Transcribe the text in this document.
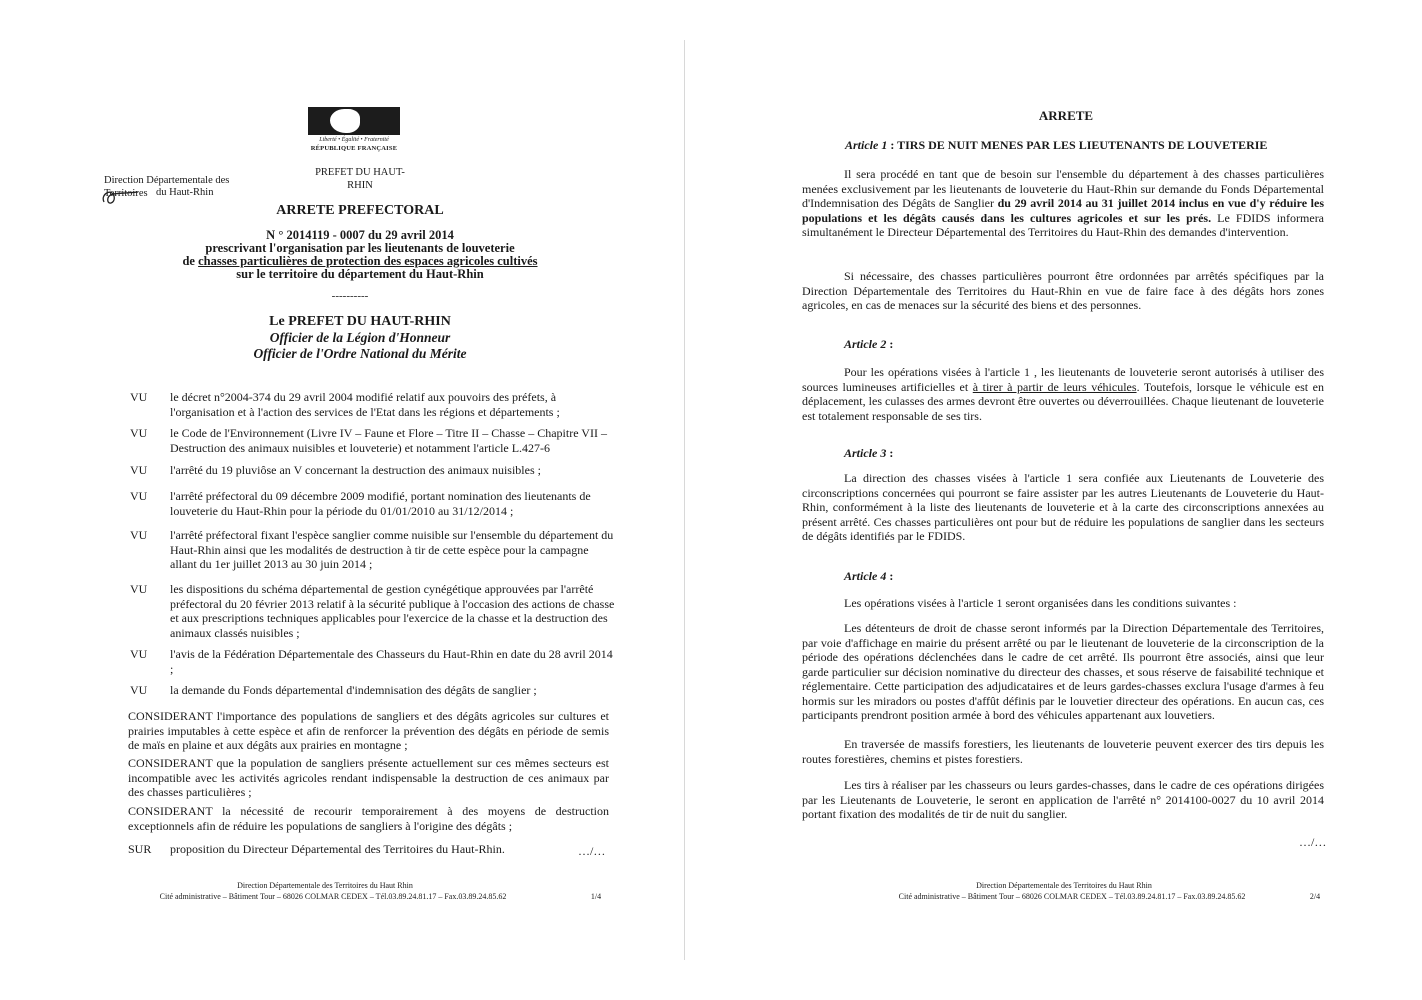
Liberté • Égalité • Fraternité
RÉPUBLIQUE FRANÇAISE
PREFET DU HAUT-RHIN
Direction Départementale des Territoires du Haut-Rhin
ARRETE PREFECTORAL
N ° 2014119 - 0007 du 29 avril 2014
prescrivant l'organisation par les lieutenants de louveterie
de chasses particulières de protection des espaces agricoles cultivés
sur le territoire du département du Haut-Rhin
----------
Le PREFET DU HAUT-RHIN
Officier de la Légion d'Honneur
Officier de l'Ordre National du Mérite
VU	le décret n°2004-374 du 29 avril 2004 modifié relatif aux pouvoirs des préfets, à l'organisation et à l'action des services de l'Etat dans les régions et départements ;
VU	le Code de l'Environnement (Livre IV – Faune et Flore – Titre II – Chasse – Chapitre VII – Destruction des animaux nuisibles et louveterie) et notamment l'article L.427-6
VU	l'arrêté du 19 pluviôse an V concernant la destruction des animaux nuisibles ;
VU	l'arrêté préfectoral du 09 décembre 2009 modifié, portant nomination des lieutenants de louveterie du Haut-Rhin pour la période du 01/01/2010 au 31/12/2014 ;
VU	l'arrêté préfectoral fixant l'espèce sanglier comme nuisible sur l'ensemble du département du Haut-Rhin ainsi que les modalités de destruction à tir de cette espèce pour la campagne allant du 1er juillet 2013 au 30 juin 2014 ;
VU	les dispositions du schéma départemental de gestion cynégétique approuvées par l'arrêté préfectoral du 20 février 2013 relatif à la sécurité publique à l'occasion des actions de chasse et aux prescriptions techniques applicables pour l'exercice de la chasse et la destruction des animaux classés nuisibles ;
VU	l'avis de la Fédération Départementale des Chasseurs du Haut-Rhin en date du 28 avril 2014 ;
VU	la demande du Fonds départemental d'indemnisation des dégâts de sanglier ;
CONSIDERANT l'importance des populations de sangliers et des dégâts agricoles sur cultures et prairies imputables à cette espèce et afin de renforcer la prévention des dégâts en période de semis de maïs en plaine et aux dégâts aux prairies en montagne ;
CONSIDERANT que la population de sangliers présente actuellement sur ces mêmes secteurs est incompatible avec les activités agricoles rendant indispensable la destruction de ces animaux par des chasses particulières ;
CONSIDERANT la nécessité de recourir temporairement à des moyens de destruction exceptionnels afin de réduire les populations de sangliers à l'origine des dégâts ;
SUR	proposition du Directeur Départemental des Territoires du Haut-Rhin.	…/…
Direction Départementale des Territoires du Haut Rhin
Cité administrative – Bâtiment Tour – 68026 COLMAR CEDEX – Tél.03.89.24.81.17 – Fax.03.89.24.85.62	1/4
ARRETE
Article 1 : TIRS DE NUIT MENES PAR LES LIEUTENANTS DE LOUVETERIE
Il sera procédé en tant que de besoin sur l'ensemble du département à des chasses particulières menées exclusivement par les lieutenants de louveterie du Haut-Rhin sur demande du Fonds Départemental d'Indemnisation des Dégâts de Sanglier du 29 avril 2014 au 31 juillet 2014 inclus en vue d'y réduire les populations et les dégâts causés dans les cultures agricoles et sur les prés. Le FDIDS informera simultanément le Directeur Départemental des Territoires du Haut-Rhin des demandes d'intervention.
Si nécessaire, des chasses particulières pourront être ordonnées par arrêtés spécifiques par la Direction Départementale des Territoires du Haut-Rhin en vue de faire face à des dégâts hors zones agricoles, en cas de menaces sur la sécurité des biens et des personnes.
Article 2 :
Pour les opérations visées à l'article 1 , les lieutenants de louveterie seront autorisés à utiliser des sources lumineuses artificielles et à tirer à partir de leurs véhicules. Toutefois, lorsque le véhicule est en déplacement, les culasses des armes devront être ouvertes ou déverrouillées. Chaque lieutenant de louveterie est totalement responsable de ses tirs.
Article 3 :
La direction des chasses visées à l'article 1 sera confiée aux Lieutenants de Louveterie des circonscriptions concernées qui pourront se faire assister par les autres Lieutenants de Louveterie du Haut-Rhin, conformément à la liste des lieutenants de louveterie et à la carte des circonscriptions annexées au présent arrêté. Ces chasses particulières ont pour but de réduire les populations de sanglier dans les secteurs de dégâts identifiés par le FDIDS.
Article 4 :
Les opérations visées à l'article 1 seront organisées dans les conditions suivantes :
Les détenteurs de droit de chasse seront informés par la Direction Départementale des Territoires, par voie d'affichage en mairie du présent arrêté ou par le lieutenant de louveterie de la circonscription de la période des opérations déclenchées dans le cadre de cet arrêté. Ils pourront être associés, ainsi que leur garde particulier sur décision nominative du directeur des chasses, et sous réserve de faisabilité technique et réglementaire. Cette participation des adjudicataires et de leurs gardes-chasses exclura l'usage d'armes à feu hormis sur les miradors ou postes d'affût définis par le louvetier directeur des opérations. En aucun cas, ces participants prendront position armée à bord des véhicules appartenant aux louvetiers.
En traversée de massifs forestiers, les lieutenants de louveterie peuvent exercer des tirs depuis les routes forestières, chemins et pistes forestiers.
Les tirs à réaliser par les chasseurs ou leurs gardes-chasses, dans le cadre de ces opérations dirigées par les Lieutenants de Louveterie, le seront en application de l'arrêté n° 2014100-0027 du 10 avril 2014 portant fixation des modalités de tir de nuit du sanglier.
…/…
Direction Départementale des Territoires du Haut Rhin
Cité administrative – Bâtiment Tour – 68026 COLMAR CEDEX – Tél.03.89.24.81.17 – Fax.03.89.24.85.62	2/4
